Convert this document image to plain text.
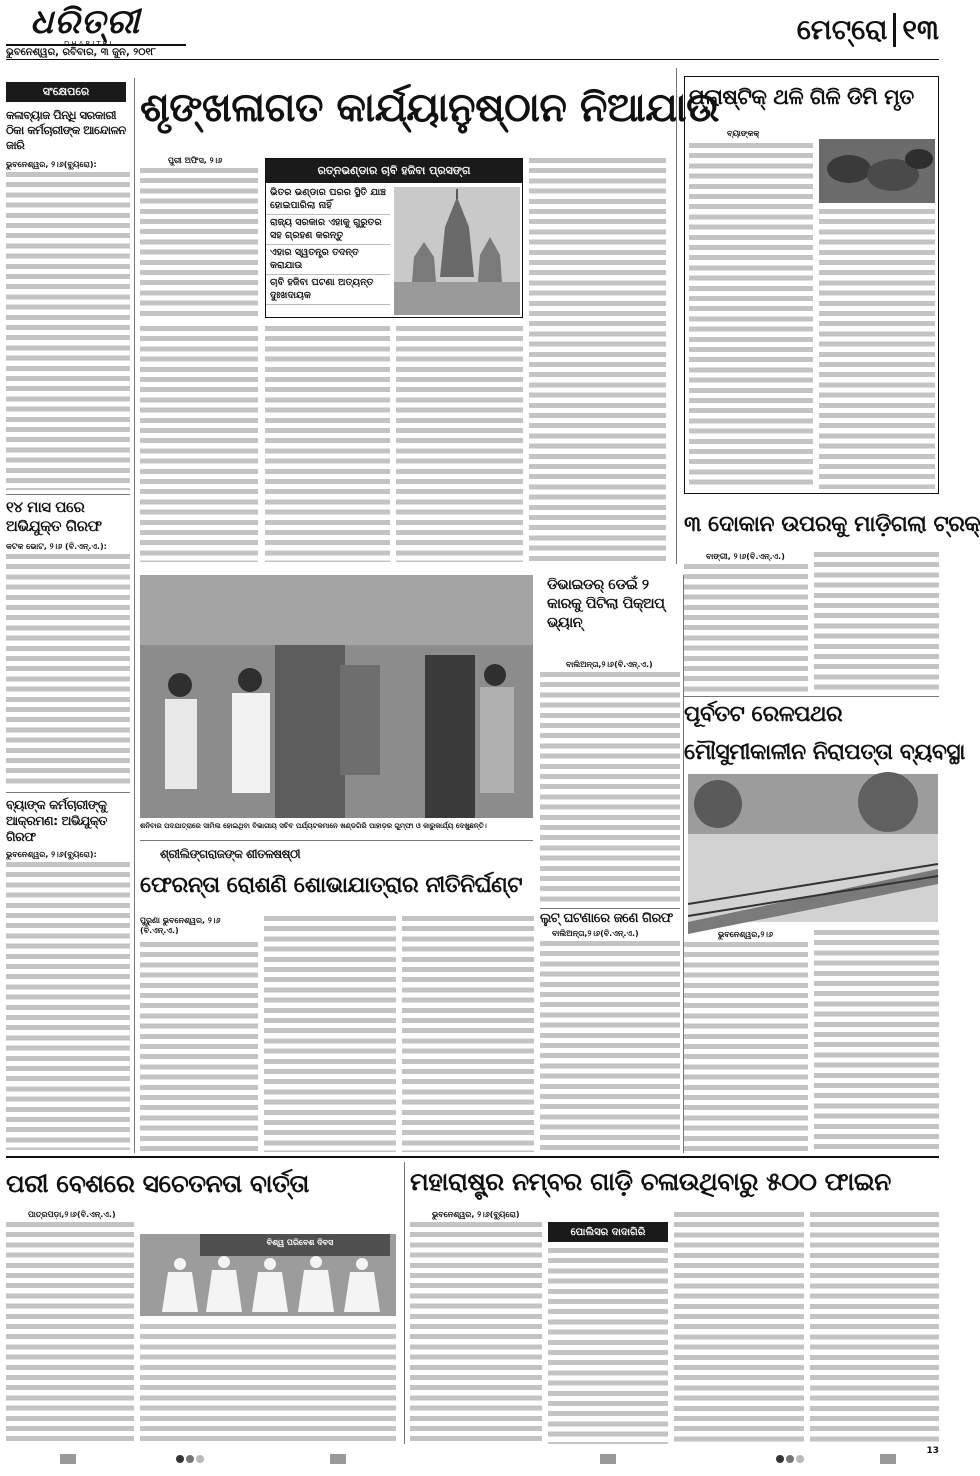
ଧରିତ୍ରୀ
DHARITRI
ଭୁବନେଶ୍ୱର, ରବିବାର, ୩ ଜୁନ, ୨୦୧୮
ମେଟ୍ରୋ ୧୩
ସଂକ୍ଷେପରେ
କଳାବ୍ୟାଜ ପିନ୍ଧି ସରକାରୀ ଠିକା କର୍ମଚାରୀଙ୍କ ଆନ୍ଦୋଳନ ଜାରି
ଭୁବନେଶ୍ୱର, ୨।୬(ବ୍ୟୁରୋ):
୧୪ ମାସ ପରେ ଅଭିଯୁକ୍ତ ଗିରଫ
କଟକ ଭୋଟ, ୨।୬ (ବି.ଏନ୍.ଏ.):
ବ୍ୟାଙ୍କ କର୍ମଚାରୀଙ୍କୁ ଆକ୍ରମଣ: ଅଭିଯୁକ୍ତ ଗିରଫ
ଭୁବନେଶ୍ୱର, ୨।୬(ବ୍ୟୁରୋ):
ଶୃଙ୍ଖଳାଗତ କାର୍ଯ୍ୟାନୁଷ୍ଠାନ ନିଆଯାଉ
ପୁରୀ ଅଫିସ, ୨।୬
ରତ୍ନଭଣ୍ଡାର ଚାବି ହଜିବା ପ୍ରସଙ୍ଗ
ଭିତର ଭଣ୍ଡାର ଘରର ସ୍ଥିତି ଯାଞ୍ଚ ହୋଇପାରିଲା ନାହିଁ
ରାଜ୍ୟ ସରକାର ଏହାକୁ ଗୁରୁତର ସହ ଗ୍ରହଣ କରନ୍ତୁ
ଏହାର ସ୍ୱତନ୍ତ୍ର ତଦନ୍ତ କରାଯାଉ
ଚାବି ହଜିବା ଘଟଣା ଅତ୍ୟନ୍ତ ଦୁଃଖଦାୟକ
ପ୍ଲାଷ୍ଟିକ୍ ଥଳି ଗିଳି ଡିମି ମୃତ
ବ୍ୟାଙ୍କକ୍
୩ ଦୋକାନ ଉପରକୁ ମାଡ଼ିଗଲା ଟ୍ରକ୍
ବାଙ୍ଗୀ, ୨।୬(ବି.ଏନ୍.ଏ.)
ଶନିବାର ପଦଯାତ୍ରାରେ ସାମିଲ ହୋଇଥିବା ବିଭାଗୀୟ ସଚିବ ପର୍ଯ୍ୟଟକମାନେ ଖଣ୍ଡଗିରି ପାହାଡ଼ର ଗୁମ୍ଫା ଓ କାରୁକାର୍ଯ୍ୟ ଦେଖୁଛନ୍ତି।
ଡିଭାଇଡର୍ ଡେଇଁ ୨ କାରକୁ ପିଟିଲା ପିକ୍ଅପ୍ ଭ୍ୟାନ୍
ବାଲିଅନ୍ତା,୨।୬(ବି.ଏନ୍.ଏ.)
ଲୁଟ୍ ଘଟଣାରେ ଜଣେ ଗିରଫ
ବାଲିଅନ୍ତା,୨।୬(ବି.ଏନ୍.ଏ.)
ପୂର୍ବତଟ ରେଳପଥର
ମୌସୁମୀକାଳୀନ ନିରାପତ୍ତା ବ୍ୟବସ୍ଥା
ଭୁବନେଶ୍ୱର,୨।୬
ଶ୍ରୀଲିଙ୍ଗରାଜଙ୍କ ଶୀତଳଷଷ୍ଠୀ
ଫେରନ୍ତା ରୋଶଣି ଶୋଭାଯାତ୍ରାର ନୀତିନିର୍ଘଣ୍ଟ
ପୁରୁଣା ଭୁବନେଶ୍ୱର, ୨।୬ (ବି.ଏନ୍.ଏ.)
ପରୀ ବେଶରେ ସଚେତନତା ବାର୍ତ୍ତା
ପାତ୍ରପଡ଼ା,୨।୬(ବି.ଏନ୍.ଏ.)
ବିଶ୍ୱ ପରିବେଶ ଦିବସ
ମହାରାଷ୍ଟ୍ର ନମ୍ବର ଗାଡ଼ି ଚଳାଉଥିବାରୁ ୫୦୦ ଫାଇନ
ଭୁବନେଶ୍ୱର, ୨।୬(ବ୍ୟୁରୋ)
ପୋଲିସର ଦାଦାଗିରି
13
